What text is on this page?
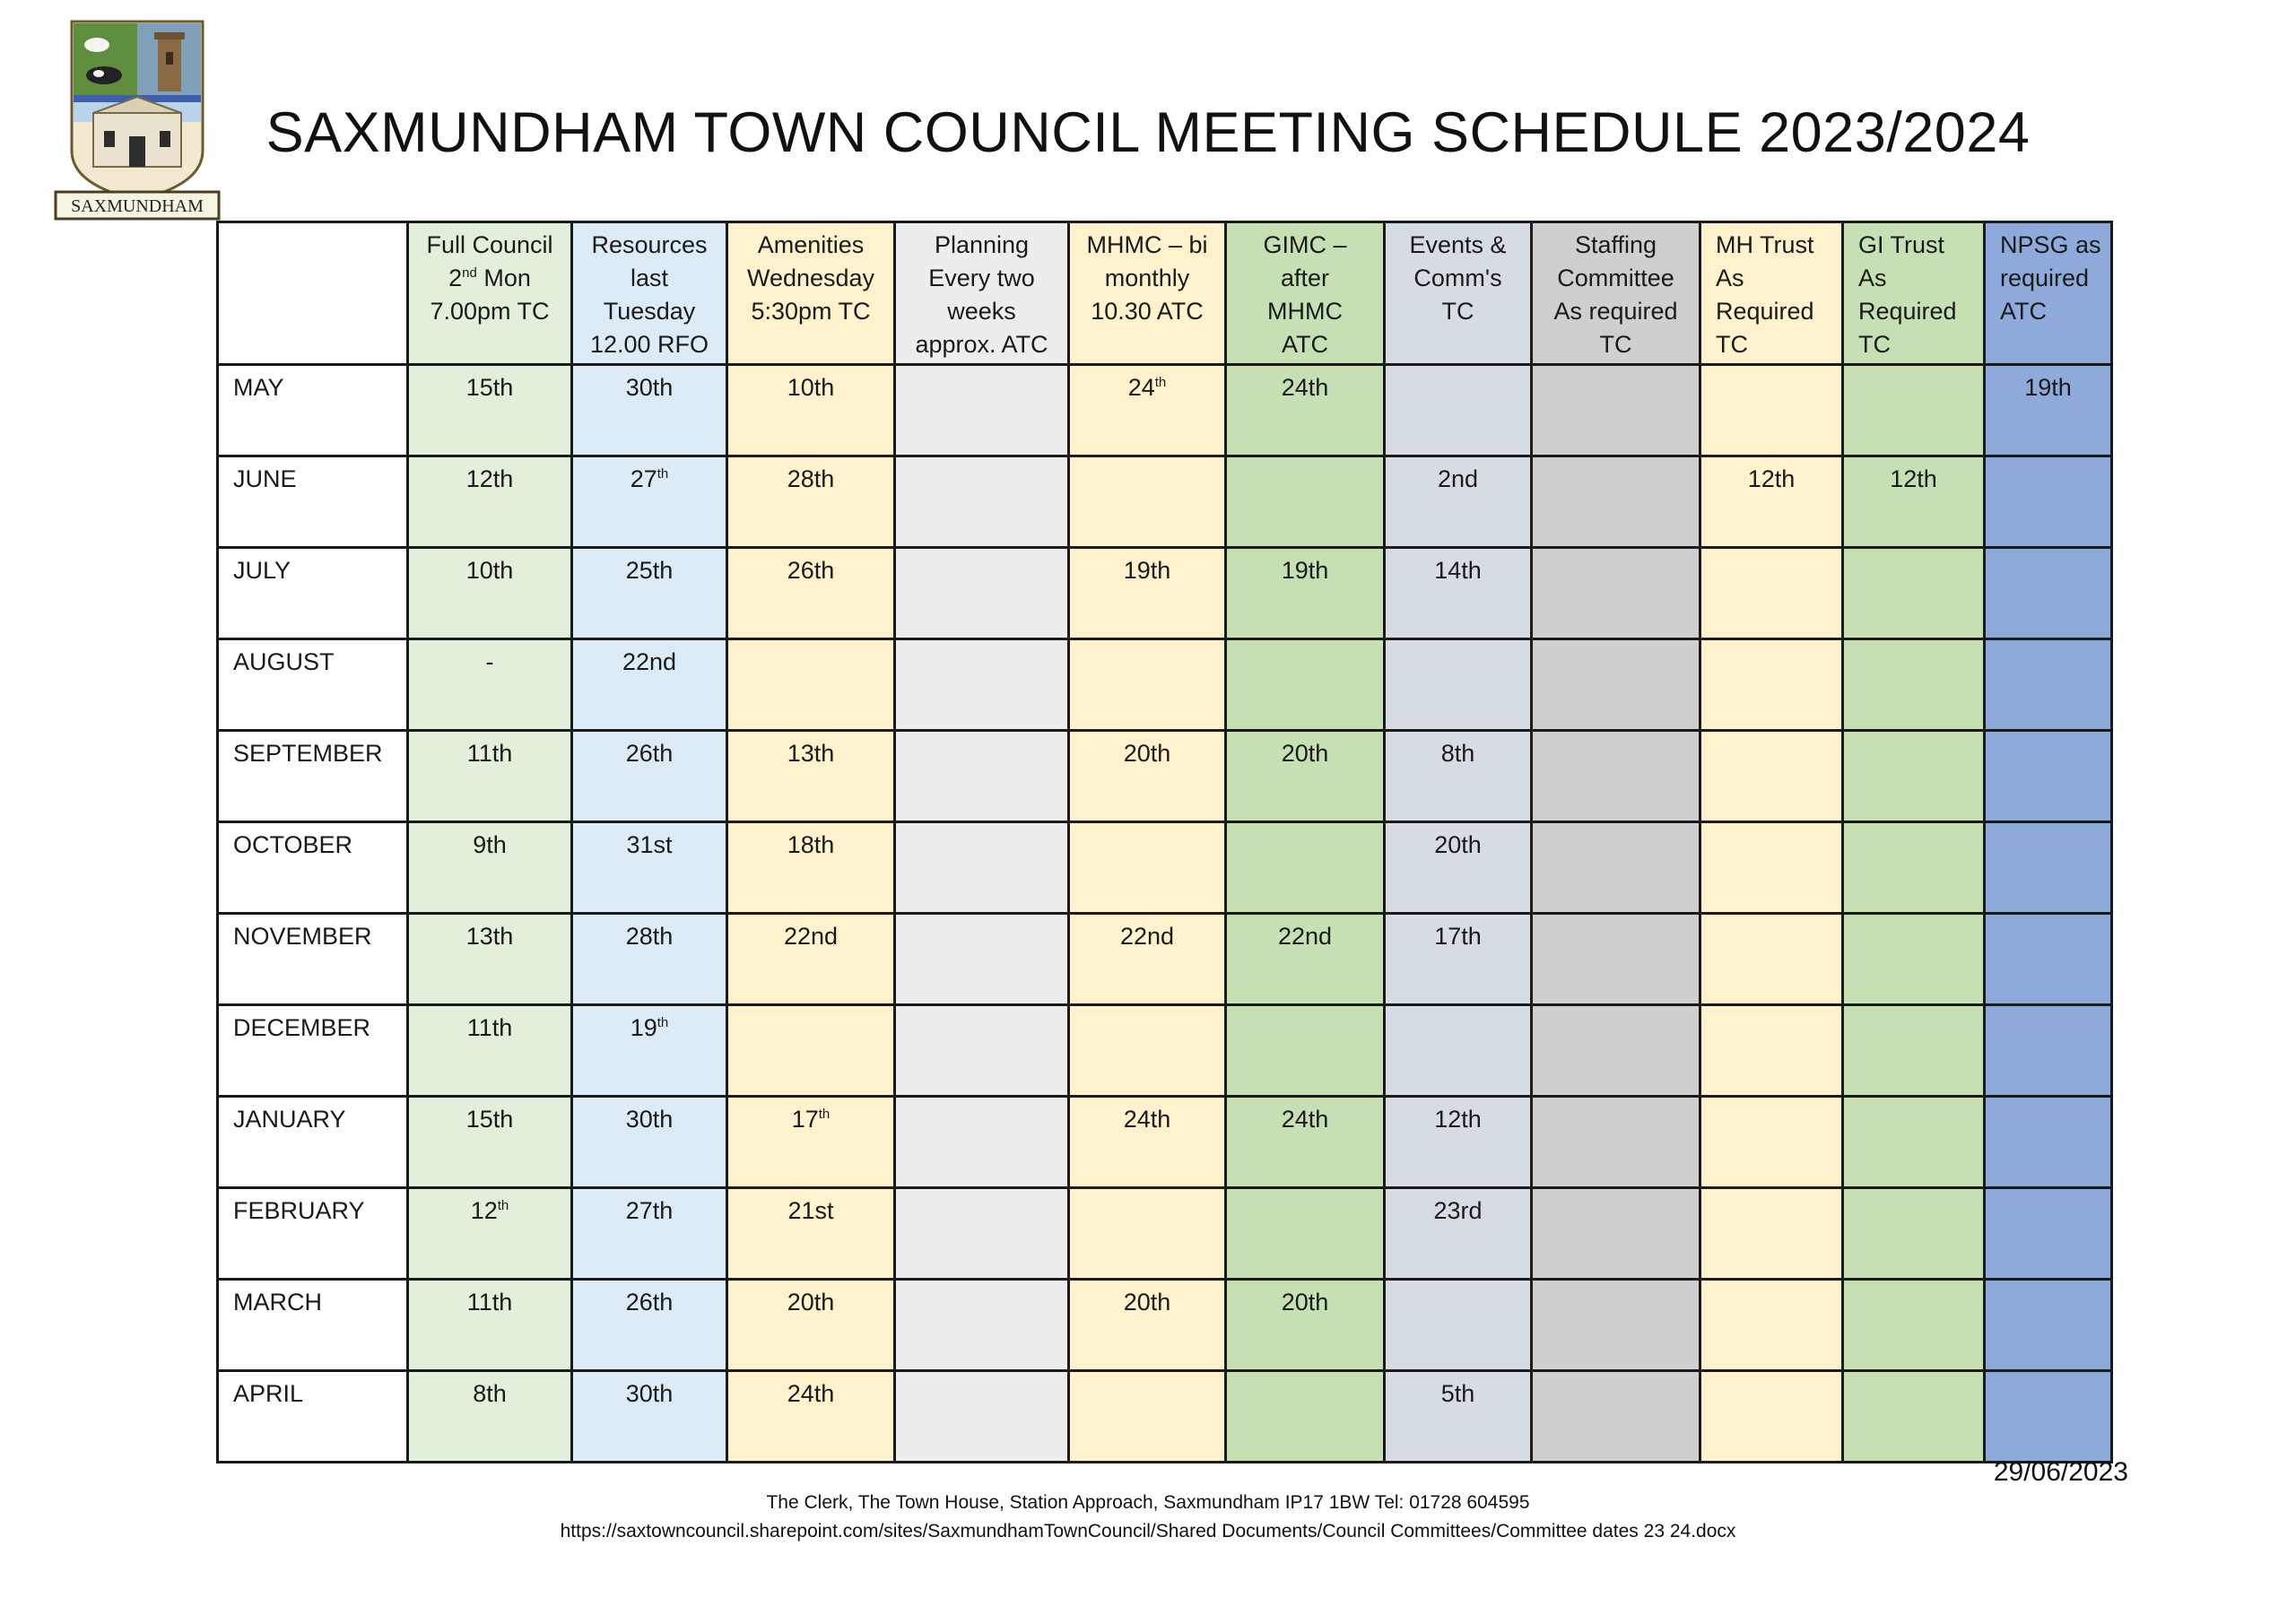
SAXMUNDHAM
SAXMUNDHAM TOWN COUNCIL MEETING SCHEDULE 2023/2024

	Full Council
2nd Mon
7.00pm TC	Resources
last
Tuesday
12.00 RFO	Amenities
Wednesday
5:30pm TC	Planning
Every two
weeks
approx. ATC	MHMC – bi
monthly
10.30 ATC	GIMC –
after
MHMC
ATC	Events &
Comm's
TC	Staffing
Committee
As required
TC	MH Trust
As
Required
TC	GI Trust
As
Required
TC	NPSG as
required
ATC

MAY	15th	30th	10th		24th	24th					19th
JUNE	12th	27th	28th				2nd		12th	12th	
JULY	10th	25th	26th		19th	19th	14th				
AUGUST	-	22nd									
SEPTEMBER	11th	26th	13th		20th	20th	8th				
OCTOBER	9th	31st	18th				20th				
NOVEMBER	13th	28th	22nd		22nd	22nd	17th				
DECEMBER	11th	19th									
JANUARY	15th	30th	17th		24th	24th	12th				
FEBRUARY	12th	27th	21st				23rd				
MARCH	11th	26th	20th		20th	20th					
APRIL	8th	30th	24th				5th				
29/06/2023
The Clerk, The Town House, Station Approach, Saxmundham IP17 1BW Tel: 01728 604595
https://saxtowncouncil.sharepoint.com/sites/SaxmundhamTownCouncil/Shared Documents/Council Committees/Committee dates 23 24.docx
